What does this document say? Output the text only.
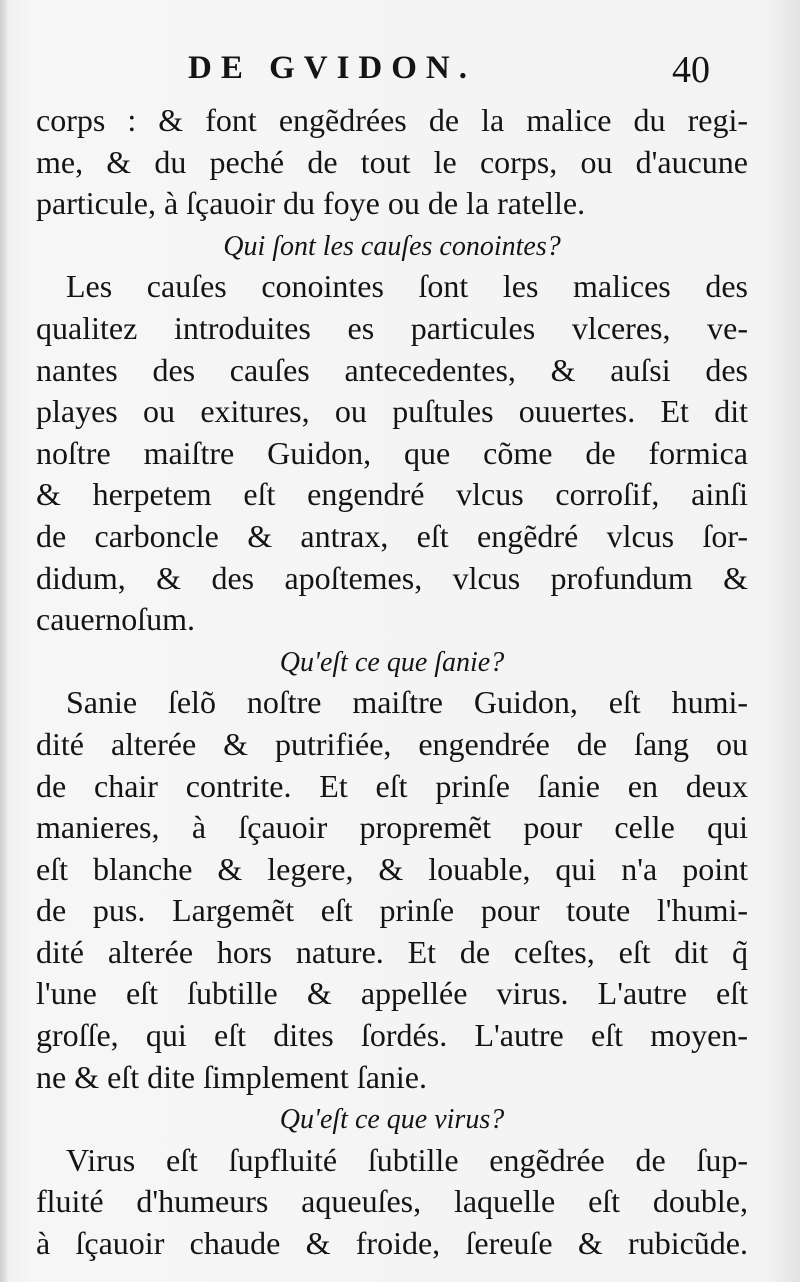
DE GVIDON.	40
corps : & font engẽdrées de la malice du regi-
me, & du peché de tout le corps, ou d'aucune
particule, à ſçauoir du foye ou de la ratelle.
Qui ſont les cauſes conointes?
Les cauſes conointes ſont les malices des
qualitez introduites es particules vlceres, ve-
nantes des cauſes antecedentes, & auſsi des
playes ou exitures, ou puſtules ouuertes. Et dit
noſtre maiſtre Guidon, que cõme de formica
& herpetem eſt engendré vlcus corroſif, ainſi
de carboncle & antrax, eſt engẽdré vlcus ſor-
didum, & des apoſtemes, vlcus profundum &
cauernoſum.
Qu'eſt ce que ſanie?
Sanie ſelõ noſtre maiſtre Guidon, eſt humi-
dité alterée & putrifiée, engendrée de ſang ou
de chair contrite. Et eſt prinſe ſanie en deux
manieres, à ſçauoir propremẽt pour celle qui
eſt blanche & legere, & louable, qui n'a point
de pus. Largemẽt eſt prinſe pour toute l'humi-
dité alterée hors nature. Et de ceſtes, eſt dit q̃
l'une eſt ſubtille & appellée virus. L'autre eſt
groſſe, qui eſt dites ſordés. L'autre eſt moyen-
ne & eſt dite ſimplement ſanie.
Qu'eſt ce que virus?
Virus eſt ſupfluité ſubtille engẽdrée de ſup-
fluité d'humeurs aqueuſes, laquelle eſt double,
à ſçauoir chaude & froide, ſereuſe & rubicũde.
